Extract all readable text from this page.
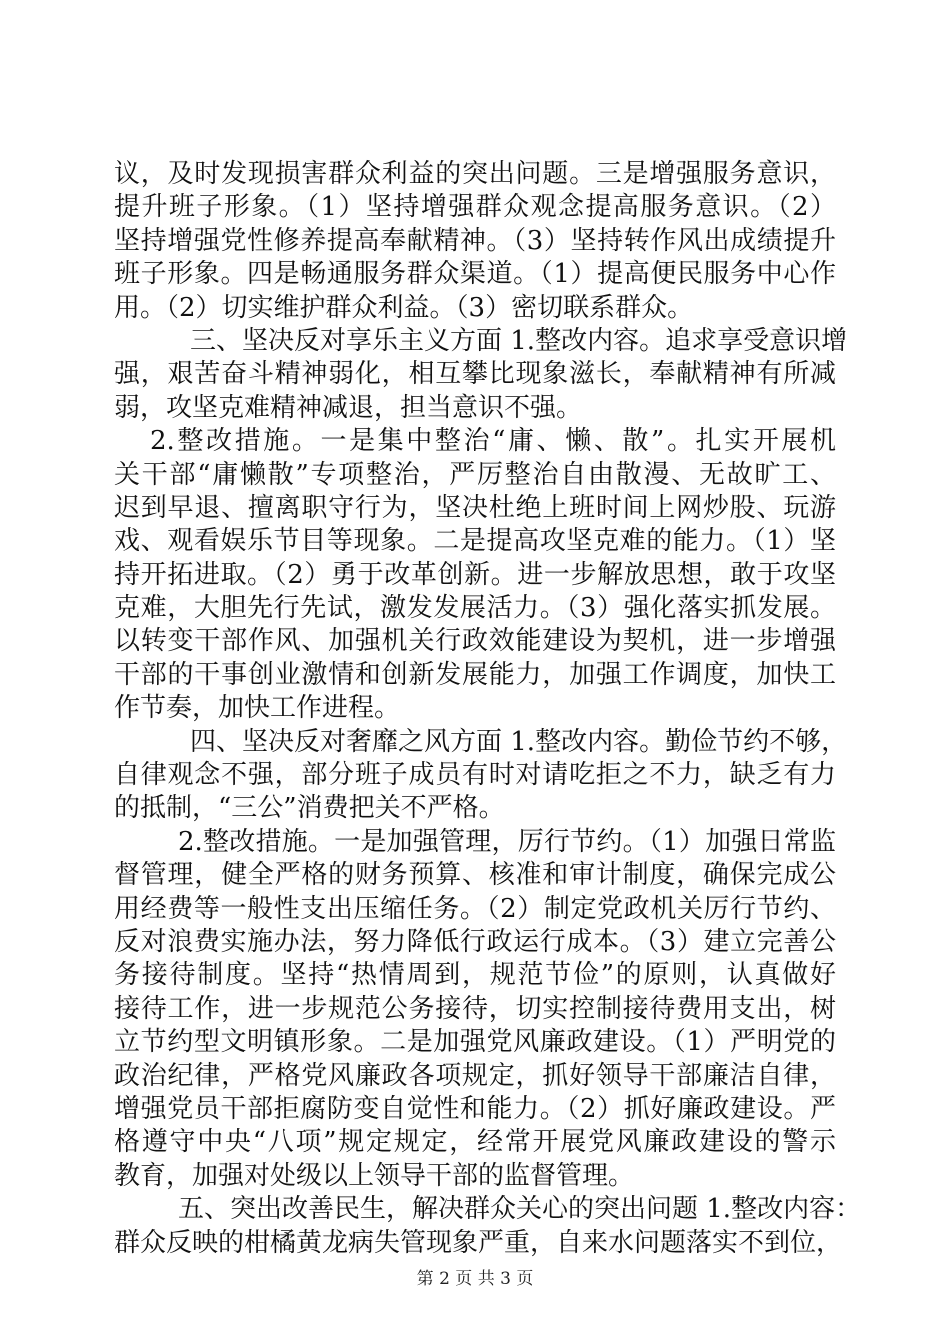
议，及时发现损害群众利益的突出问题。三是增强服务意识，
提升班子形象。（1）坚持增强群众观念提高服务意识。（2）
坚持增强党性修养提高奉献精神。（3）坚持转作风出成绩提升
班子形象。四是畅通服务群众渠道。（1）提高便民服务中心作
用。（2）切实维护群众利益。（3）密切联系群众。
三、坚决反对享乐主义方面 1.整改内容。追求享受意识增
强，艰苦奋斗精神弱化，相互攀比现象滋长，奉献精神有所减
弱，攻坚克难精神减退，担当意识不强。
2.整改措施。一是集中整治“庸、懒、散”。扎实开展机
关干部“庸懒散”专项整治，严厉整治自由散漫、无故旷工、
迟到早退、擅离职守行为，坚决杜绝上班时间上网炒股、玩游
戏、观看娱乐节目等现象。二是提高攻坚克难的能力。（1）坚
持开拓进取。（2）勇于改革创新。进一步解放思想，敢于攻坚
克难，大胆先行先试，激发发展活力。（3）强化落实抓发展。
以转变干部作风、加强机关行政效能建设为契机，进一步增强
干部的干事创业激情和创新发展能力，加强工作调度，加快工
作节奏，加快工作进程。
四、坚决反对奢靡之风方面 1.整改内容。勤俭节约不够，
自律观念不强，部分班子成员有时对请吃拒之不力，缺乏有力
的抵制，“三公”消费把关不严格。
2.整改措施。一是加强管理，厉行节约。（1）加强日常监
督管理，健全严格的财务预算、核准和审计制度，确保完成公
用经费等一般性支出压缩任务。（2）制定党政机关厉行节约、
反对浪费实施办法，努力降低行政运行成本。（3）建立完善公
务接待制度。坚持“热情周到，规范节俭”的原则，认真做好
接待工作，进一步规范公务接待，切实控制接待费用支出，树
立节约型文明镇形象。二是加强党风廉政建设。（1）严明党的
政治纪律，严格党风廉政各项规定，抓好领导干部廉洁自律，
增强党员干部拒腐防变自觉性和能力。（2）抓好廉政建设。严
格遵守中央“八项”规定规定，经常开展党风廉政建设的警示
教育，加强对处级以上领导干部的监督管理。
五、突出改善民生，解决群众关心的突出问题 1.整改内容：
群众反映的柑橘黄龙病失管现象严重，自来水问题落实不到位，
第 2 页 共 3 页
